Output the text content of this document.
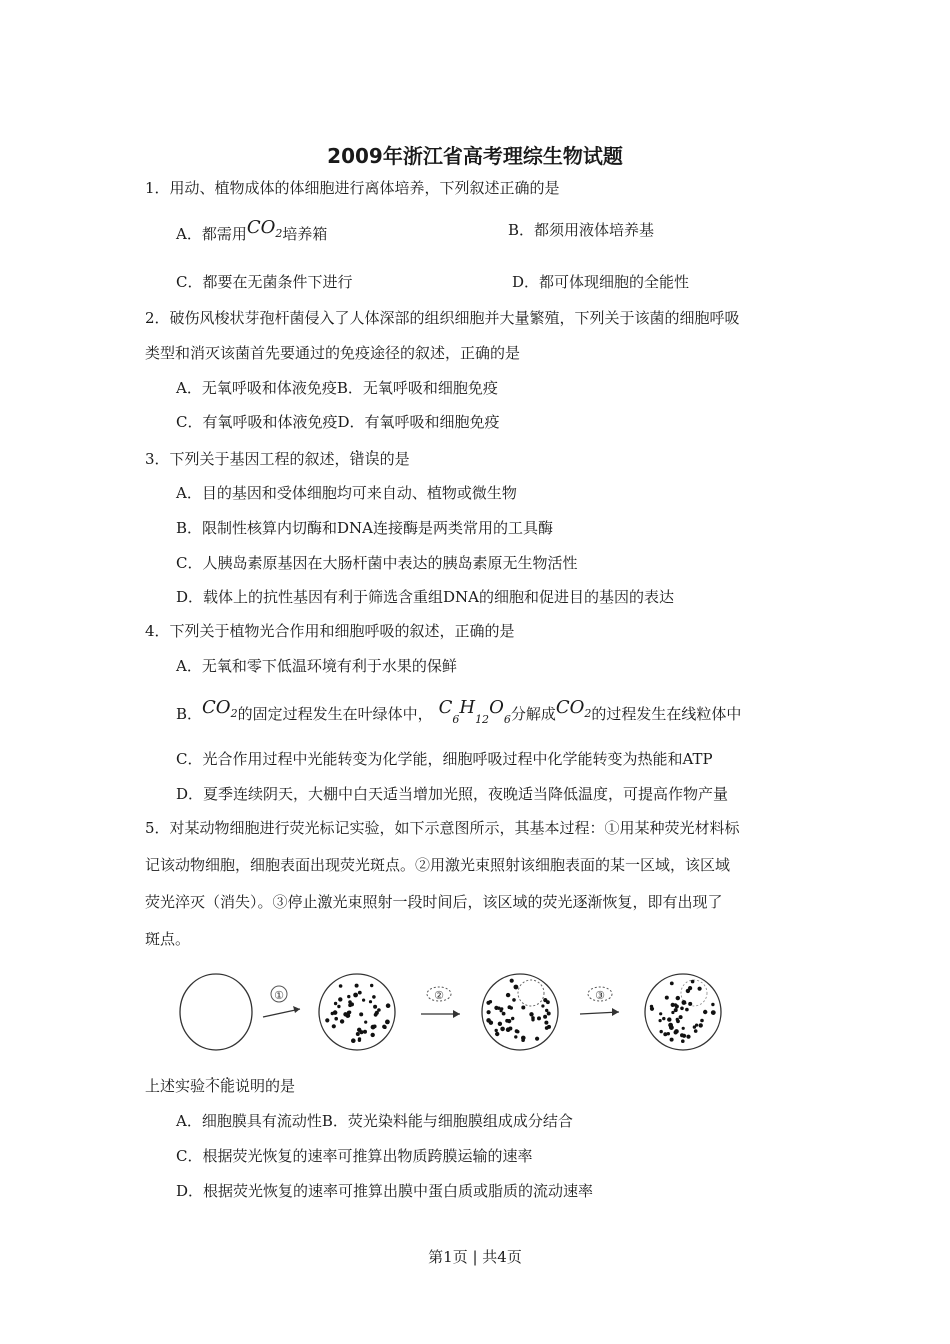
2009年浙江省高考理综生物试题
1．用动、植物成体的体细胞进行离体培养，下列叙述正确的是
A．都需用CO2培养箱	B．都须用液体培养基
C．都要在无菌条件下进行	D．都可体现细胞的全能性
2．破伤风梭状芽孢杆菌侵入了人体深部的组织细胞并大量繁殖，下列关于该菌的细胞呼吸
类型和消灭该菌首先要通过的免疫途径的叙述，正确的是
A．无氧呼吸和体液免疫B．无氧呼吸和细胞免疫
C．有氧呼吸和体液免疫D．有氧呼吸和细胞免疫
3．下列关于基因工程的叙述，错误的是
A．目的基因和受体细胞均可来自动、植物或微生物
B．限制性核算内切酶和DNA连接酶是两类常用的工具酶
C．人胰岛素原基因在大肠杆菌中表达的胰岛素原无生物活性
D．载体上的抗性基因有利于筛选含重组DNA的细胞和促进目的基因的表达
4．下列关于植物光合作用和细胞呼吸的叙述，正确的是
A．无氧和零下低温环境有利于水果的保鲜
B．CO2的固定过程发生在叶绿体中， $C_6H_{12}O_6$分解成CO2的过程发生在线粒体中
C．光合作用过程中光能转变为化学能，细胞呼吸过程中化学能转变为热能和ATP
D．夏季连续阴天，大棚中白天适当增加光照，夜晚适当降低温度，可提高作物产量
5．对某动物细胞进行荧光标记实验，如下示意图所示，其基本过程：①用某种荧光材料标
记该动物细胞，细胞表面出现荧光斑点。②用激光束照射该细胞表面的某一区域，该区域
荧光淬灭（消失）。③停止激光束照射一段时间后，该区域的荧光逐渐恢复，即有出现了
斑点。
①	②	③
上述实验不能说明的是
A．细胞膜具有流动性B．荧光染料能与细胞膜组成成分结合
C．根据荧光恢复的速率可推算出物质跨膜运输的速率
D．根据荧光恢复的速率可推算出膜中蛋白质或脂质的流动速率
第1页 | 共4页
